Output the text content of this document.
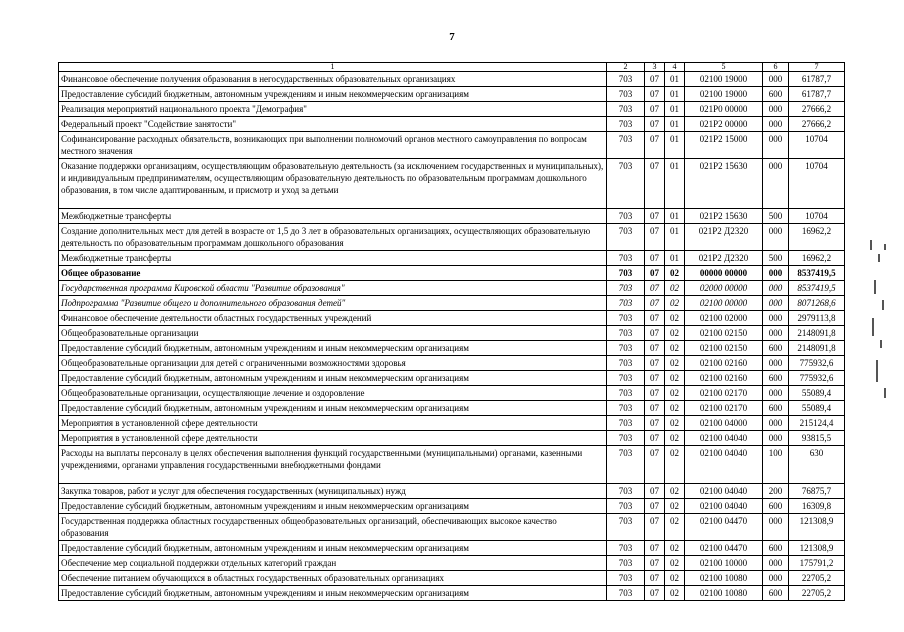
7
1	2	3	4	5	6	7
Финансовое обеспечение получения образования в негосударственных образовательных организациях	703	07	01	02100 19000	000	61787,7
Предоставление субсидий бюджетным, автономным учреждениям и иным некоммерческим организациям	703	07	01	02100 19000	600	61787,7
Реализация мероприятий национального проекта "Демография"	703	07	01	021P0 00000	000	27666,2
Федеральный проект "Содействие занятости"	703	07	01	021P2 00000	000	27666,2
Софинансирование расходных обязательств, возникающих при выполнении полномочий органов местного самоуправления по вопросам местного значения	703	07	01	021P2 15000	000	10704
Оказание поддержки организациям, осуществляющим образовательную деятельность (за исключением государственных и муниципальных), и индивидуальным предпринимателям, осуществляющим образовательную деятельность по образовательным программам дошкольного образования, в том числе адаптированным, и присмотр и уход за детьми	703	07	01	021P2 15630	000	10704
Межбюджетные трансферты	703	07	01	021P2 15630	500	10704
Создание дополнительных мест для детей в возрасте от 1,5 до 3 лет в образовательных организациях, осуществляющих образовательную деятельность по образовательным программам дошкольного образования	703	07	01	021P2 Д2320	000	16962,2
Межбюджетные трансферты	703	07	01	021P2 Д2320	500	16962,2
Общее образование	703	07	02	00000 00000	000	8537419,5
Государственная программа Кировской области "Развитие образования"	703	07	02	02000 00000	000	8537419,5
Подпрограмма "Развитие общего и дополнительного образования детей"	703	07	02	02100 00000	000	8071268,6
Финансовое обеспечение деятельности областных государственных учреждений	703	07	02	02100 02000	000	2979113,8
Общеобразовательные организации	703	07	02	02100 02150	000	2148091,8
Предоставление субсидий бюджетным, автономным учреждениям и иным некоммерческим организациям	703	07	02	02100 02150	600	2148091,8
Общеобразовательные организации для детей с ограниченными возможностями здоровья	703	07	02	02100 02160	000	775932,6
Предоставление субсидий бюджетным, автономным учреждениям и иным некоммерческим организациям	703	07	02	02100 02160	600	775932,6
Общеобразовательные организации, осуществляющие лечение и оздоровление	703	07	02	02100 02170	000	55089,4
Предоставление субсидий бюджетным, автономным учреждениям и иным некоммерческим организациям	703	07	02	02100 02170	600	55089,4
Мероприятия в установленной сфере деятельности	703	07	02	02100 04000	000	215124,4
Мероприятия в установленной сфере деятельности	703	07	02	02100 04040	000	93815,5
Расходы на выплаты персоналу в целях обеспечения выполнения функций государственными (муниципальными) органами, казенными учреждениями, органами управления государственными внебюджетными фондами	703	07	02	02100 04040	100	630
Закупка товаров, работ и услуг для обеспечения государственных (муниципальных) нужд	703	07	02	02100 04040	200	76875,7
Предоставление субсидий бюджетным, автономным учреждениям и иным некоммерческим организациям	703	07	02	02100 04040	600	16309,8
Государственная поддержка областных государственных общеобразовательных организаций, обеспечивающих высокое качество образования	703	07	02	02100 04470	000	121308,9
Предоставление субсидий бюджетным, автономным учреждениям и иным некоммерческим организациям	703	07	02	02100 04470	600	121308,9
Обеспечение мер социальной поддержки отдельных категорий граждан	703	07	02	02100 10000	000	175791,2
Обеспечение питанием обучающихся в областных государственных образовательных организациях	703	07	02	02100 10080	000	22705,2
Предоставление субсидий бюджетным, автономным учреждениям и иным некоммерческим организациям	703	07	02	02100 10080	600	22705,2
